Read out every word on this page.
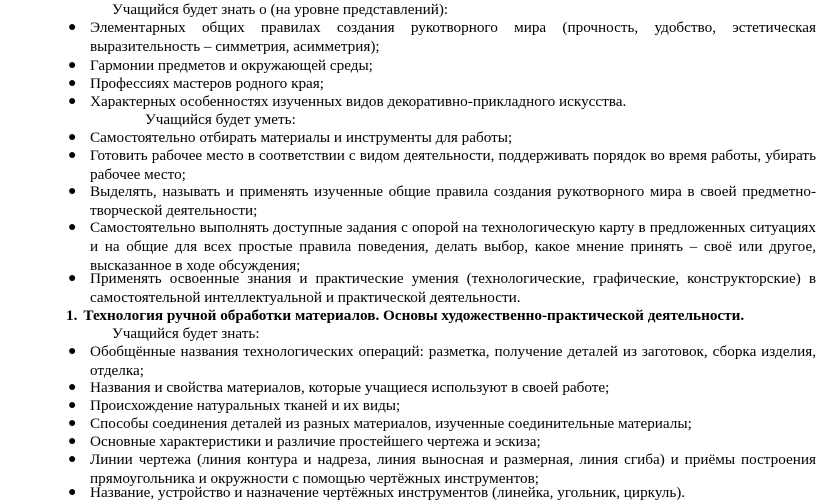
Учащийся будет знать о (на уровне представлений):
● Элементарных общих правилах создания рукотворного мира (прочность, удобство, эстетическая выразительность – симметрия, асимметрия);
● Гармонии предметов и окружающей среды;
● Профессиях мастеров родного края;
● Характерных особенностях изученных видов декоративно-прикладного искусства.
Учащийся будет уметь:
● Самостоятельно отбирать материалы и инструменты для работы;
● Готовить рабочее место в соответствии с видом деятельности, поддерживать порядок во время работы, убирать рабочее место;
● Выделять, называть и применять изученные общие правила создания рукотворного мира в своей предметно-творческой деятельности;
● Самостоятельно выполнять доступные задания с опорой на технологическую карту в предложенных ситуациях и на общие для всех простые правила поведения, делать выбор, какое мнение принять – своё или другое, высказанное в ходе обсуждения;
● Применять освоенные знания и практические умения (технологические, графические, конструкторские) в самостоятельной интеллектуальной и практической деятельности.
1. Технология ручной обработки материалов. Основы художественно-практической деятельности.
Учащийся будет знать:
● Обобщённые названия технологических операций: разметка, получение деталей из заготовок, сборка изделия, отделка;
● Названия и свойства материалов, которые учащиеся используют в своей работе;
● Происхождение натуральных тканей и их виды;
● Способы соединения деталей из разных материалов, изученные соединительные материалы;
● Основные характеристики и различие простейшего чертежа и эскиза;
● Линии чертежа (линия контура и надреза, линия выносная и размерная, линия сгиба) и приёмы построения прямоугольника и окружности с помощью чертёжных инструментов;
● Название, устройство и назначение чертёжных инструментов (линейка, угольник, циркуль).
